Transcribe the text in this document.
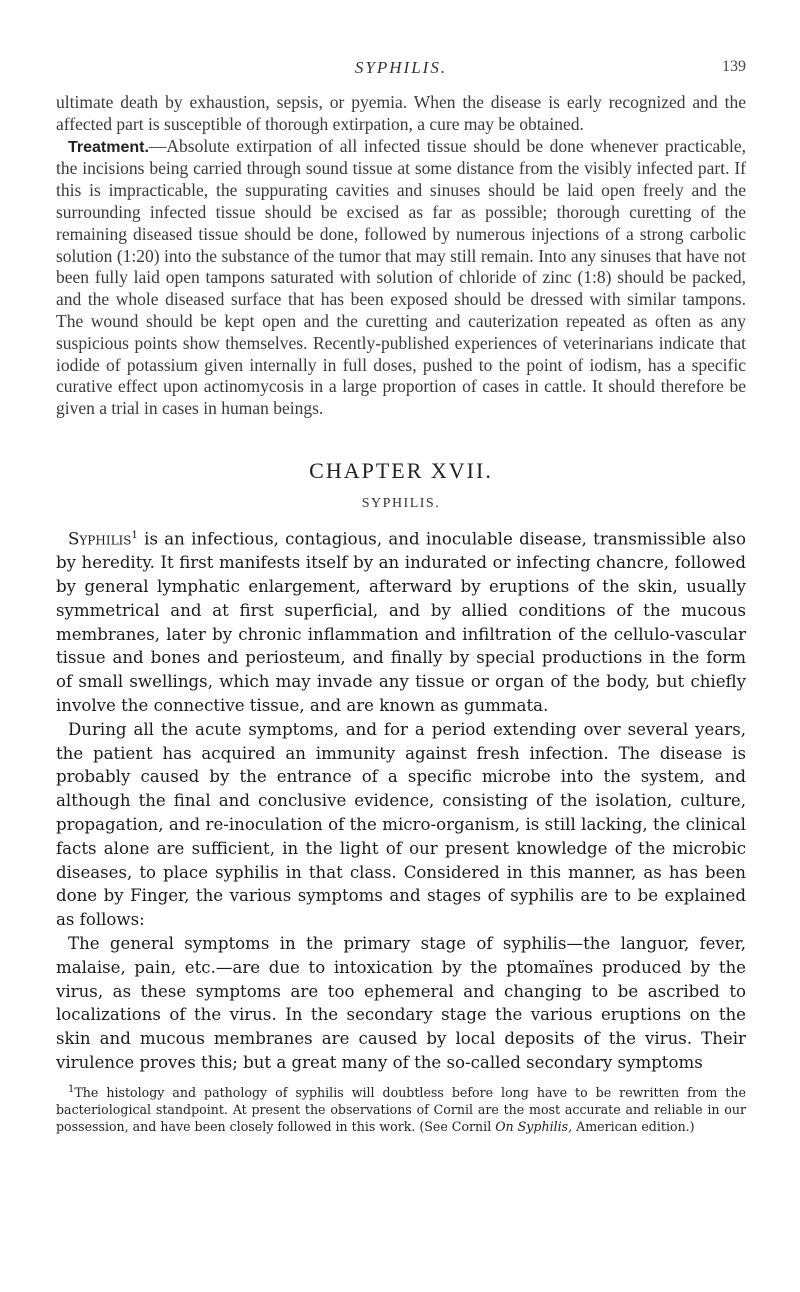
SYPHILIS.	139

ultimate death by exhaustion, sepsis, or pyemia. When the disease is early recognized and the affected part is susceptible of thorough extirpation, a cure may be obtained.

Treatment.—Absolute extirpation of all infected tissue should be done whenever practicable, the incisions being carried through sound tissue at some distance from the visibly infected part. If this is impracticable, the suppurating cavities and sinuses should be laid open freely and the surrounding infected tissue should be excised as far as possible; thorough curetting of the remaining diseased tissue should be done, followed by numerous injections of a strong carbolic solution (1:20) into the substance of the tumor that may still remain. Into any sinuses that have not been fully laid open tampons saturated with solution of chloride of zinc (1:8) should be packed, and the whole diseased surface that has been exposed should be dressed with similar tampons. The wound should be kept open and the curetting and cauterization repeated as often as any suspicious points show themselves. Recently-published experiences of veterinarians indicate that iodide of potassium given internally in full doses, pushed to the point of iodism, has a specific curative effect upon actinomycosis in a large proportion of cases in cattle. It should therefore be given a trial in cases in human beings.

CHAPTER XVII.
SYPHILIS.

Syphilis$^1$ is an infectious, contagious, and inoculable disease, transmissible also by heredity. It first manifests itself by an indurated or infecting chancre, followed by general lymphatic enlargement, afterward by eruptions of the skin, usually symmetrical and at first superficial, and by allied conditions of the mucous membranes, later by chronic inflammation and infiltration of the cellulo-vascular tissue and bones and periosteum, and finally by special productions in the form of small swellings, which may invade any tissue or organ of the body, but chiefly involve the connective tissue, and are known as gummata.

During all the acute symptoms, and for a period extending over several years, the patient has acquired an immunity against fresh infection. The disease is probably caused by the entrance of a specific microbe into the system, and although the final and conclusive evidence, consisting of the isolation, culture, propagation, and re-inoculation of the micro-organism, is still lacking, the clinical facts alone are sufficient, in the light of our present knowledge of the microbic diseases, to place syphilis in that class. Considered in this manner, as has been done by Finger, the various symptoms and stages of syphilis are to be explained as follows:

The general symptoms in the primary stage of syphilis—the languor, fever, malaise, pain, etc.—are due to intoxication by the ptomaïnes produced by the virus, as these symptoms are too ephemeral and changing to be ascribed to localizations of the virus. In the secondary stage the various eruptions on the skin and mucous membranes are caused by local deposits of the virus. Their virulence proves this; but a great many of the so-called secondary symptoms

$^1$The histology and pathology of syphilis will doubtless before long have to be rewritten from the bacteriological standpoint. At present the observations of Cornil are the most accurate and reliable in our possession, and have been closely followed in this work. (See Cornil On Syphilis, American edition.)
